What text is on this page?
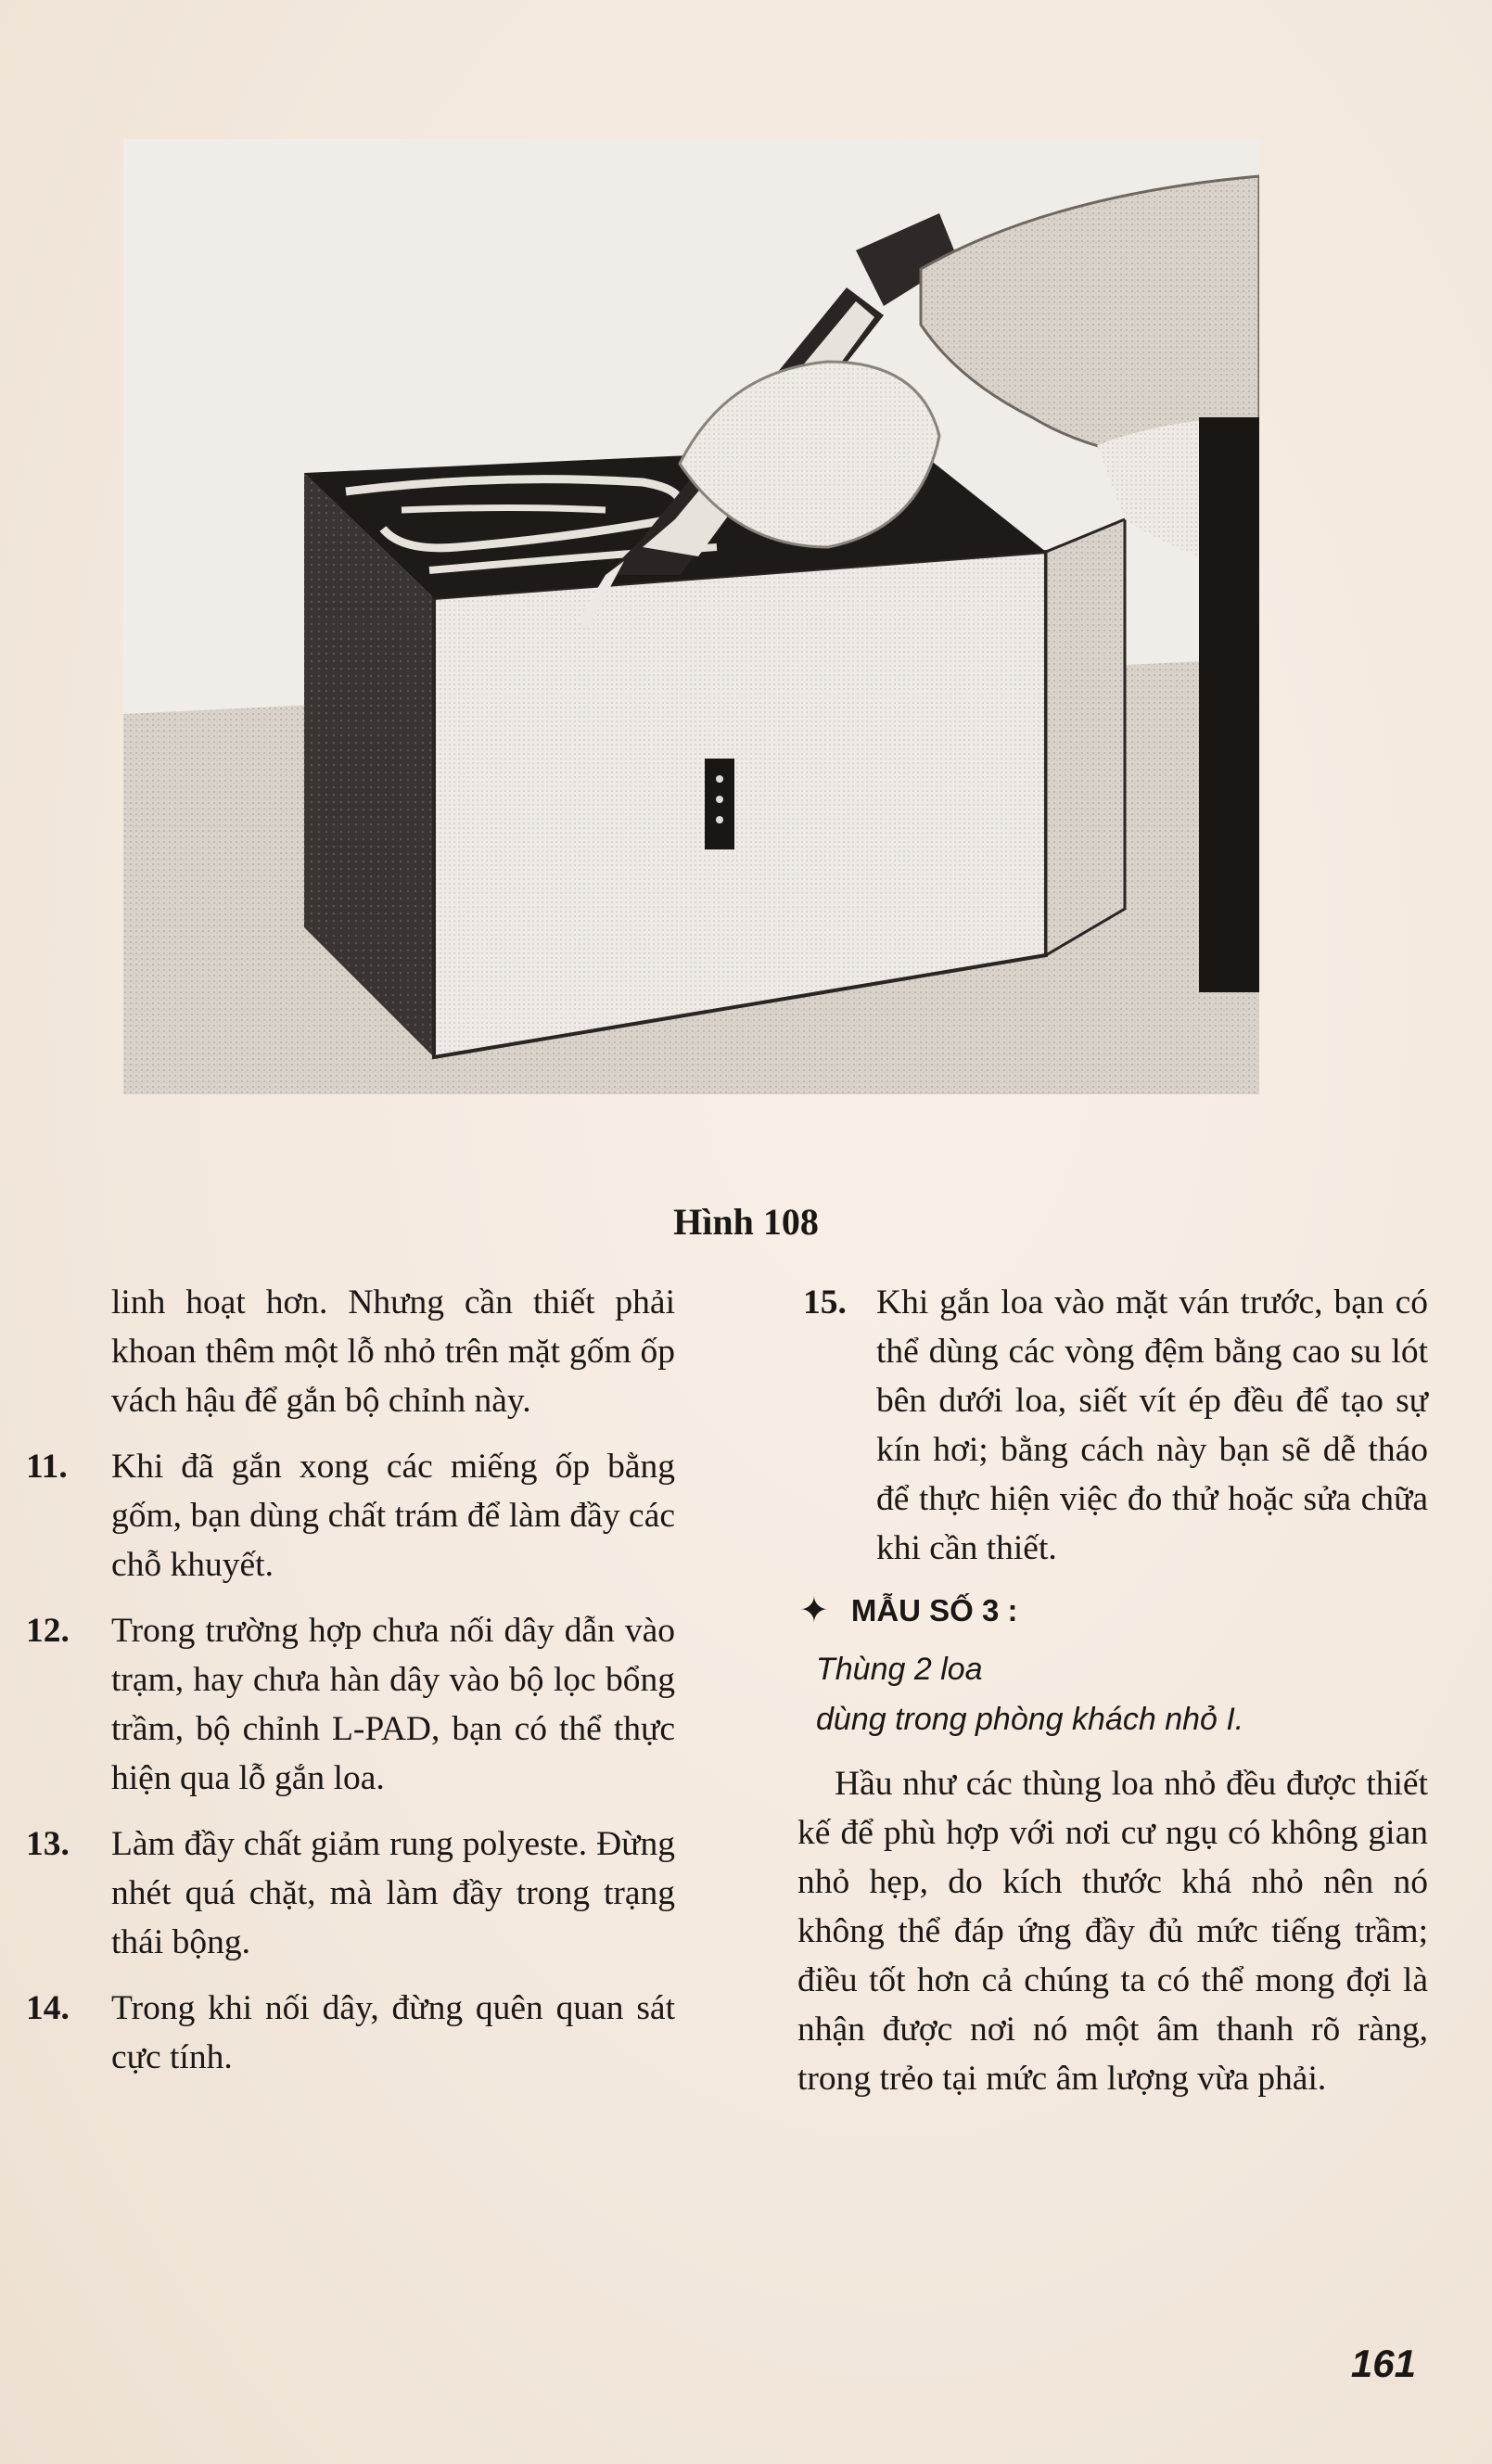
Hình 108
linh hoạt hơn. Nhưng cần thiết phải khoan thêm một lỗ nhỏ trên mặt gốm ốp vách hậu để gắn bộ chỉnh này.
11.	Khi đã gắn xong các miếng ốp bằng gốm, bạn dùng chất trám để làm đầy các chỗ khuyết.
12.	Trong trường hợp chưa nối dây dẫn vào trạm, hay chưa hàn dây vào bộ lọc bổng trầm, bộ chỉnh L-PAD, bạn có thể thực hiện qua lỗ gắn loa.
13.	Làm đầy chất giảm rung polyeste. Đừng nhét quá chặt, mà làm đầy trong trạng thái bộng.
14.	Trong khi nối dây, đừng quên quan sát cực tính.
15. Khi gắn loa vào mặt ván trước, bạn có thể dùng các vòng đệm bằng cao su lót bên dưới loa, siết vít ép đều để tạo sự kín hơi; bằng cách này bạn sẽ dễ tháo để thực hiện việc đo thử hoặc sửa chữa khi cần thiết.
✦ MẪU SỐ 3 :
Thùng 2 loa
dùng trong phòng khách nhỏ I.
Hầu như các thùng loa nhỏ đều được thiết kế để phù hợp với nơi cư ngụ có không gian nhỏ hẹp, do kích thước khá nhỏ nên nó không thể đáp ứng đầy đủ mức tiếng trầm; điều tốt hơn cả chúng ta có thể mong đợi là nhận được nơi nó một âm thanh rõ ràng, trong trẻo tại mức âm lượng vừa phải.
161
